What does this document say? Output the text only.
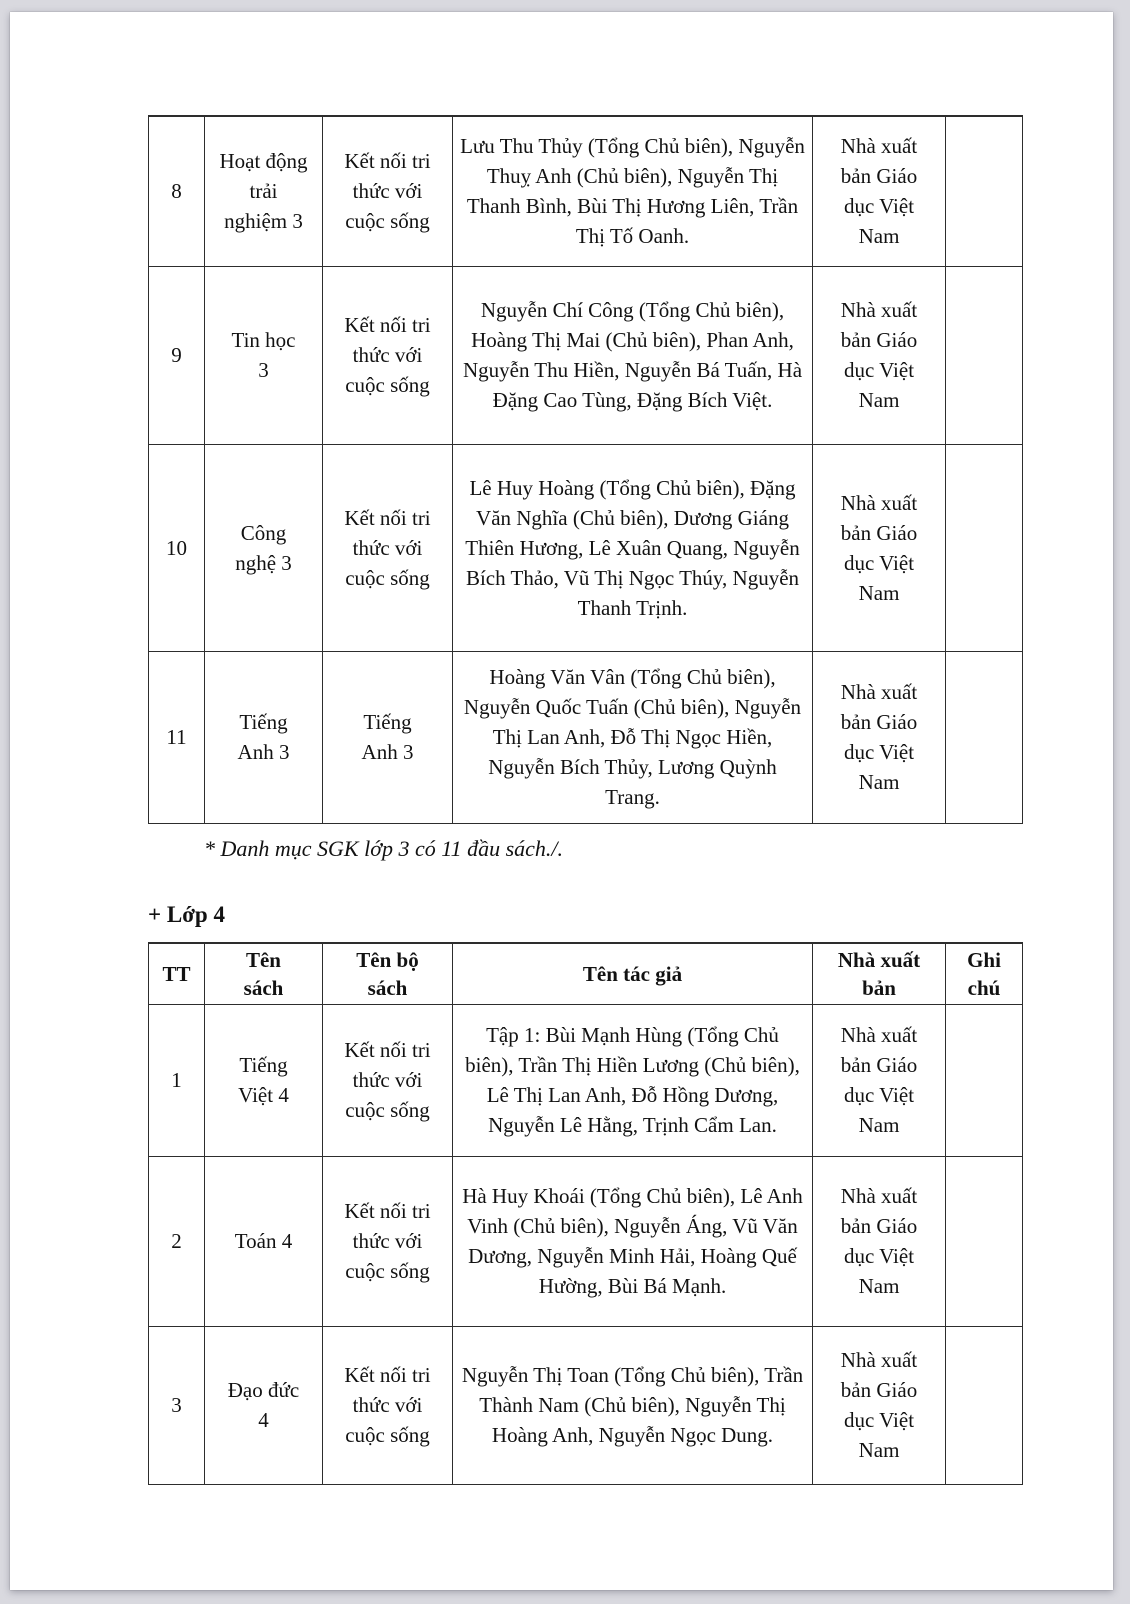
8	Hoạt động trải nghiệm 3	Kết nối tri thức với cuộc sống	Lưu Thu Thủy (Tổng Chủ biên), Nguyễn Thuỵ Anh (Chủ biên), Nguyễn Thị Thanh Bình, Bùi Thị Hương Liên, Trần Thị Tố Oanh.	Nhà xuất bản Giáo dục Việt Nam	

9	Tin học 3	Kết nối tri thức với cuộc sống	Nguyễn Chí Công (Tổng Chủ biên), Hoàng Thị Mai (Chủ biên), Phan Anh, Nguyễn Thu Hiền, Nguyễn Bá Tuấn, Hà Đặng Cao Tùng, Đặng Bích Việt.	Nhà xuất bản Giáo dục Việt Nam	

10	Công nghệ 3	Kết nối tri thức với cuộc sống	Lê Huy Hoàng (Tổng Chủ biên), Đặng Văn Nghĩa (Chủ biên), Dương Giáng Thiên Hương, Lê Xuân Quang, Nguyễn Bích Thảo, Vũ Thị Ngọc Thúy, Nguyễn Thanh Trịnh.	Nhà xuất bản Giáo dục Việt Nam	

11	Tiếng Anh 3	Tiếng Anh 3	Hoàng Văn Vân (Tổng Chủ biên), Nguyễn Quốc Tuấn (Chủ biên), Nguyễn Thị Lan Anh, Đỗ Thị Ngọc Hiền, Nguyễn Bích Thủy, Lương Quỳnh Trang.	Nhà xuất bản Giáo dục Việt Nam	

* Danh mục SGK lớp 3 có 11 đầu sách./.
+ Lớp 4
TT	Tên sách	Tên bộ sách	Tên tác giả	Nhà xuất bản	Ghi chú

1	Tiếng Việt 4	Kết nối tri thức với cuộc sống	Tập 1: Bùi Mạnh Hùng (Tổng Chủ biên), Trần Thị Hiền Lương (Chủ biên), Lê Thị Lan Anh, Đỗ Hồng Dương, Nguyễn Lê Hằng, Trịnh Cẩm Lan.	Nhà xuất bản Giáo dục Việt Nam	

2	Toán 4	Kết nối tri thức với cuộc sống	Hà Huy Khoái (Tổng Chủ biên), Lê Anh Vinh (Chủ biên), Nguyễn Áng, Vũ Văn Dương, Nguyễn Minh Hải, Hoàng Quế Hường, Bùi Bá Mạnh.	Nhà xuất bản Giáo dục Việt Nam	

3	Đạo đức 4	Kết nối tri thức với cuộc sống	Nguyễn Thị Toan (Tổng Chủ biên), Trần Thành Nam (Chủ biên), Nguyễn Thị Hoàng Anh, Nguyễn Ngọc Dung.	Nhà xuất bản Giáo dục Việt Nam	
